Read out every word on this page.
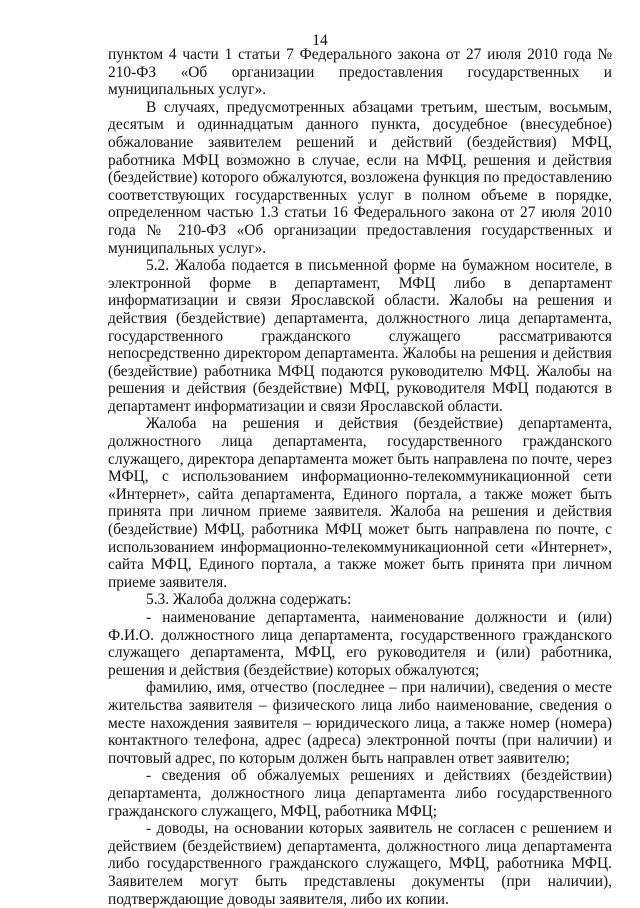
14

пунктом 4 части 1 статьи 7 Федерального закона от 27 июля 2010 года № 210-ФЗ «Об организации предоставления государственных и муниципальных услуг».

В случаях, предусмотренных абзацами третьим, шестым, восьмым, десятым и одиннадцатым данного пункта, досудебное (внесудебное) обжалование заявителем решений и действий (бездействия) МФЦ, работника МФЦ возможно в случае, если на МФЦ, решения и действия (бездействие) которого обжалуются, возложена функция по предоставлению соответствующих государственных услуг в полном объеме в порядке, определенном частью 1.3 статьи 16 Федерального закона от 27 июля 2010 года № 210-ФЗ «Об организации предоставления государственных и муниципальных услуг».

5.2. Жалоба подается в письменной форме на бумажном носителе, в электронной форме в департамент, МФЦ либо в департамент информатизации и связи Ярославской области. Жалобы на решения и действия (бездействие) департамента, должностного лица департамента, государственного гражданского служащего рассматриваются непосредственно директором департамента. Жалобы на решения и действия (бездействие) работника МФЦ подаются руководителю МФЦ. Жалобы на решения и действия (бездействие) МФЦ, руководителя МФЦ подаются в департамент информатизации и связи Ярославской области.

Жалоба на решения и действия (бездействие) департамента, должностного лица департамента, государственного гражданского служащего, директора департамента может быть направлена по почте, через МФЦ, с использованием информационно-телекоммуникационной сети «Интернет», сайта департамента, Единого портала, а также может быть принята при личном приеме заявителя. Жалоба на решения и действия (бездействие) МФЦ, работника МФЦ может быть направлена по почте, с использованием информационно-телекоммуникационной сети «Интернет», сайта МФЦ, Единого портала, а также может быть принята при личном приеме заявителя.

5.3. Жалоба должна содержать:

- наименование департамента, наименование должности и (или) Ф.И.О. должностного лица департамента, государственного гражданского служащего департамента, МФЦ, его руководителя и (или) работника, решения и действия (бездействие) которых обжалуются;

фамилию, имя, отчество (последнее – при наличии), сведения о месте жительства заявителя – физического лица либо наименование, сведения о месте нахождения заявителя – юридического лица, а также номер (номера) контактного телефона, адрес (адреса) электронной почты (при наличии) и почтовый адрес, по которым должен быть направлен ответ заявителю;

- сведения об обжалуемых решениях и действиях (бездействии) департамента, должностного лица департамента либо государственного гражданского служащего, МФЦ, работника МФЦ;

- доводы, на основании которых заявитель не согласен с решением и действием (бездействием) департамента, должностного лица департамента либо государственного гражданского служащего, МФЦ, работника МФЦ. Заявителем могут быть представлены документы (при наличии), подтверждающие доводы заявителя, либо их копии.
